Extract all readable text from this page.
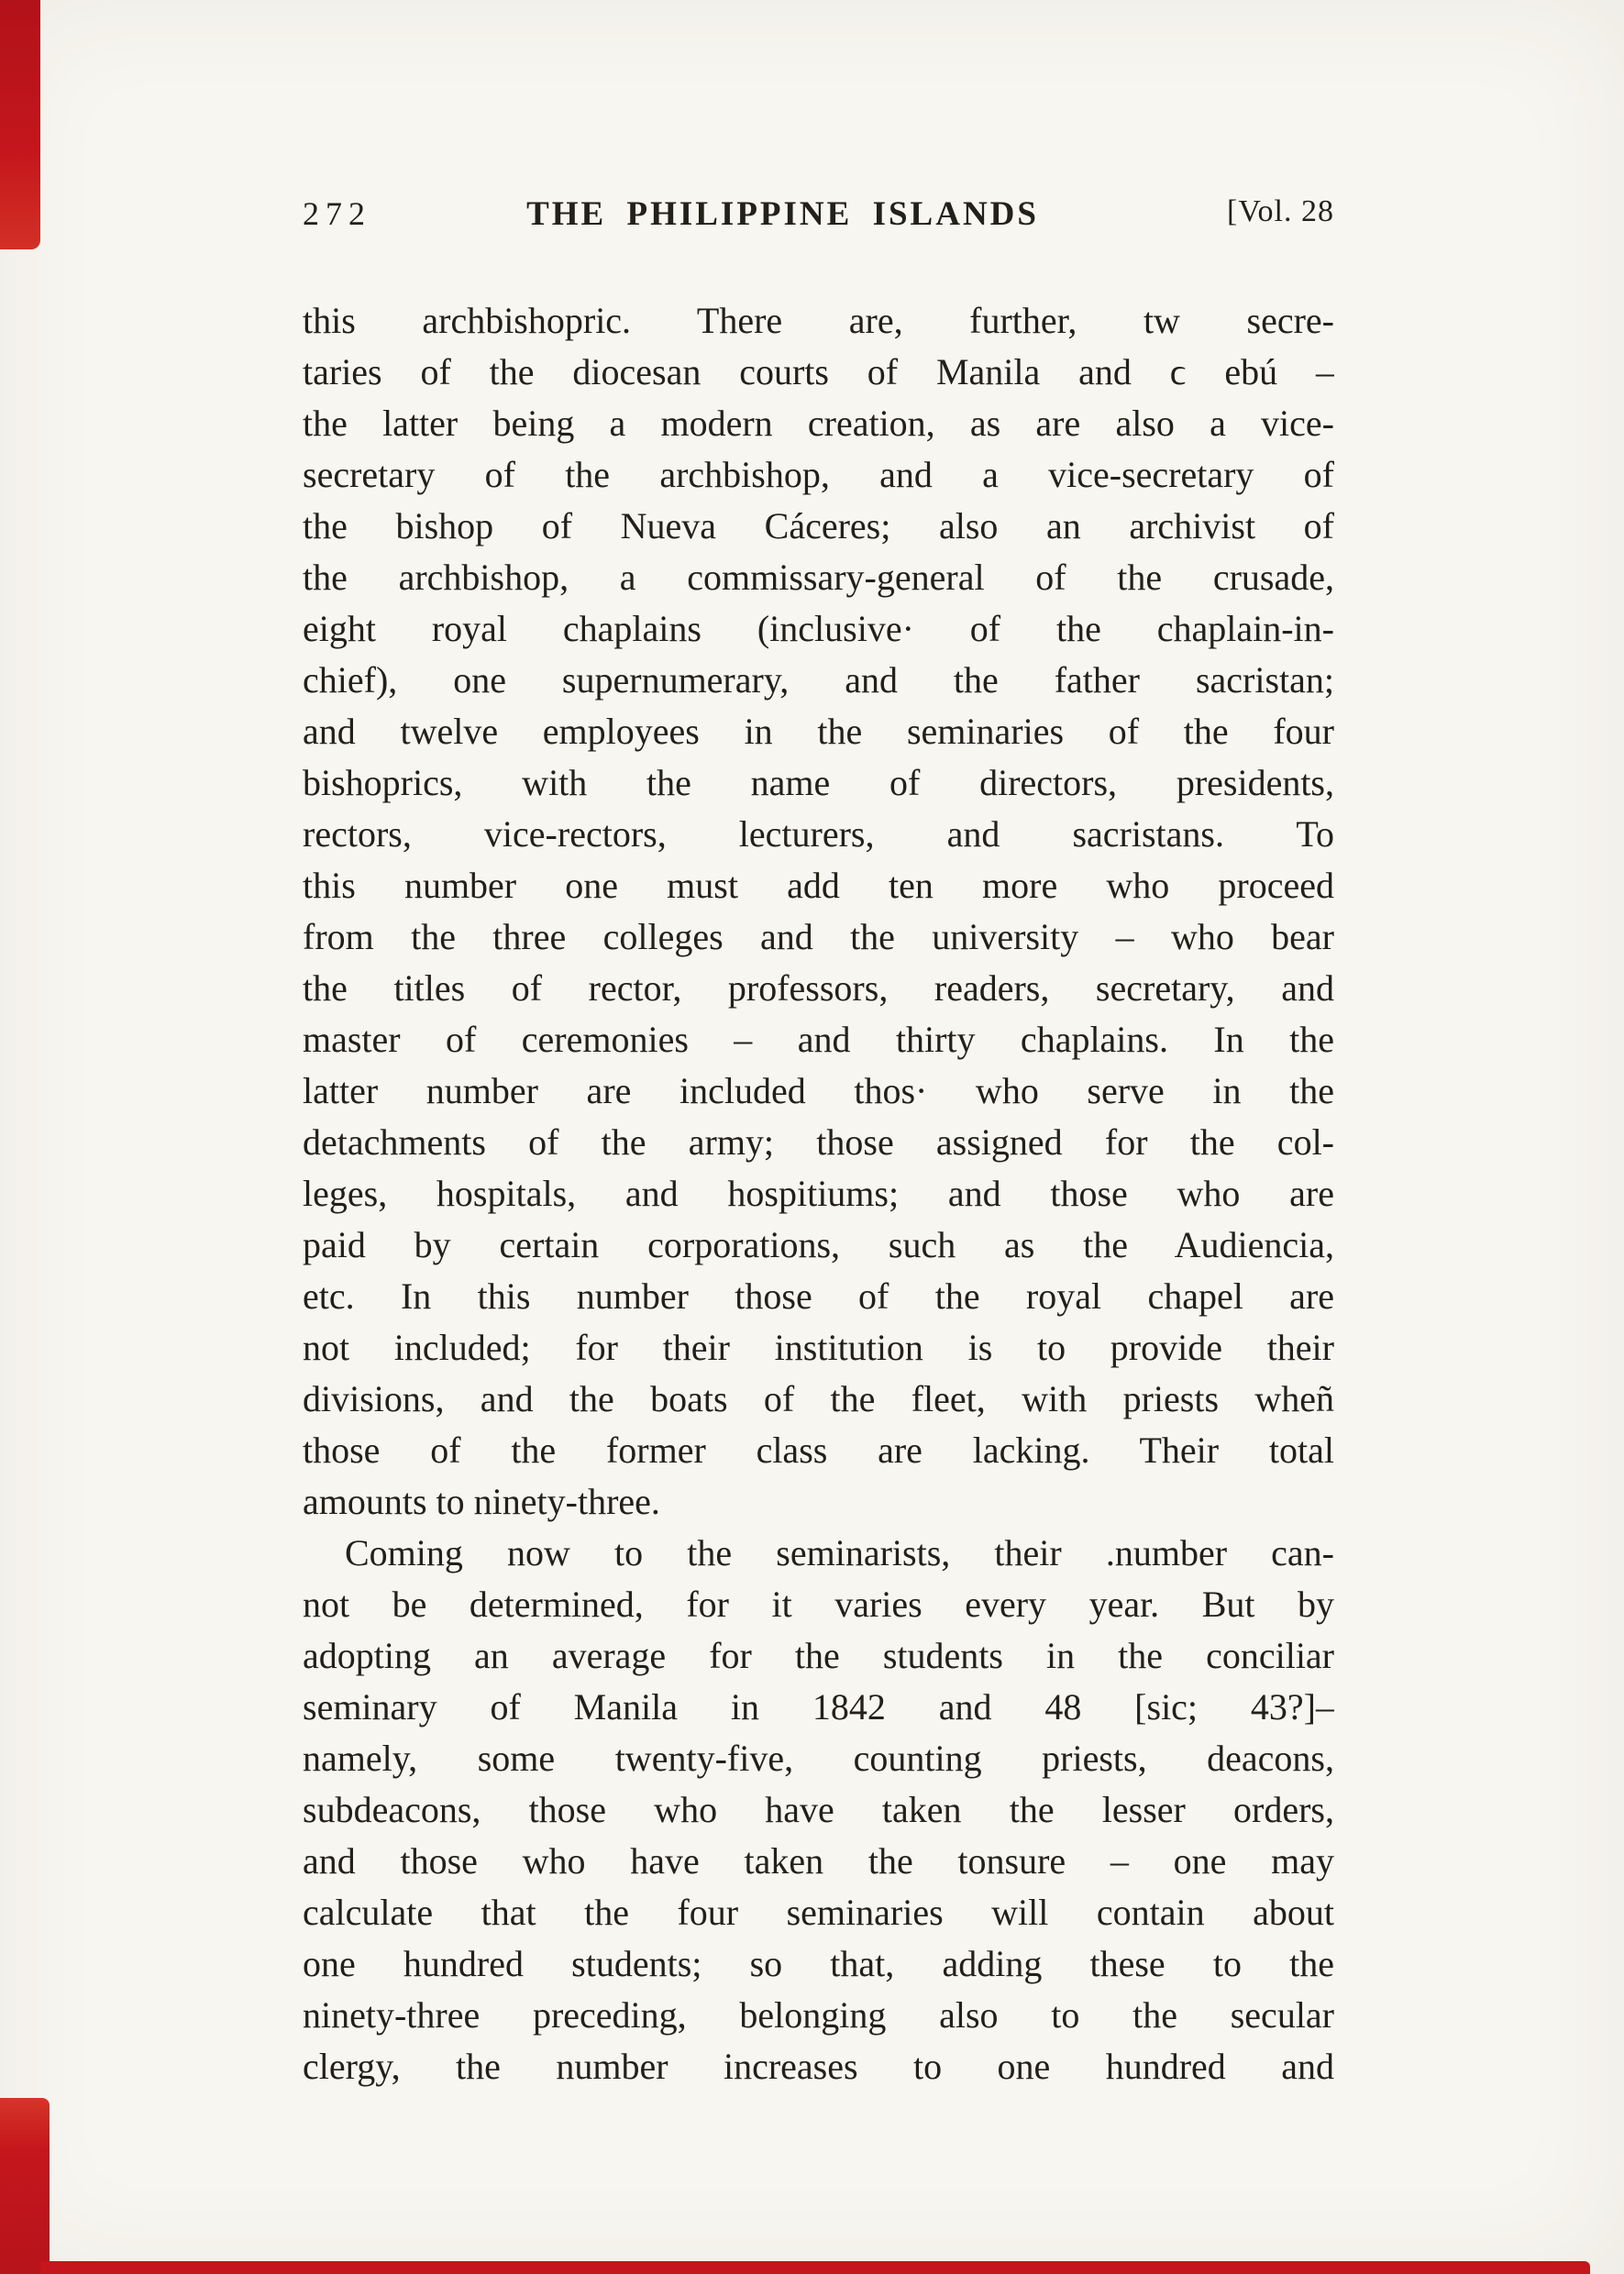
272	THE PHILIPPINE ISLANDS	[Vol. 28
this archbishopric. There are, further, tw secre-
taries of the diocesan courts of Manila and ϲ ebú –
the latter being a modern creation, as are also a vice-
secretary of the archbishop, and a vice-secretary of
the bishop of Nueva Cáceres; also an archivist of
the archbishop, a commissary-general of the crusade,
eight royal chaplains (inclusive· of the chaplain-in-
chief), one supernumerary, and the father sacristan;
and twelve employees in the seminaries of the four
bishoprics, with the name of directors, presidents,
rectors, vice-rectors, lecturers, and sacristans. To
this number one must add ten more who proceed
from the three colleges and the university – who bear
the titles of rector, professors, readers, secretary, and
master of ceremonies – and thirty chaplains. In the
latter number are included thos· who serve in the
detachments of the army; those assigned for the col-
leges, hospitals, and hospitiums; and those who are
paid by certain corporations, such as the Audiencia,
etc. In this number those of the royal chapel are
not included; for their institution is to provide their
divisions, and the boats of the fleet, with priests wheñ
those of the former class are lacking. Their total
amounts to ninety-three.
Coming now to the seminarists, their .number can-
not be determined, for it varies every year. But by
adopting an average for the students in the conciliar
seminary of Manila in 1842 and 48 [sic; 43?]–
namely, some twenty-five, counting priests, deacons,
subdeacons, those who have taken the lesser orders,
and those who have taken the tonsure – one may
calculate that the four seminaries will contain about
one hundred students; so that, adding these to the
ninety-three preceding, belonging also to the secular
clergy, the number increases to one hundred and
